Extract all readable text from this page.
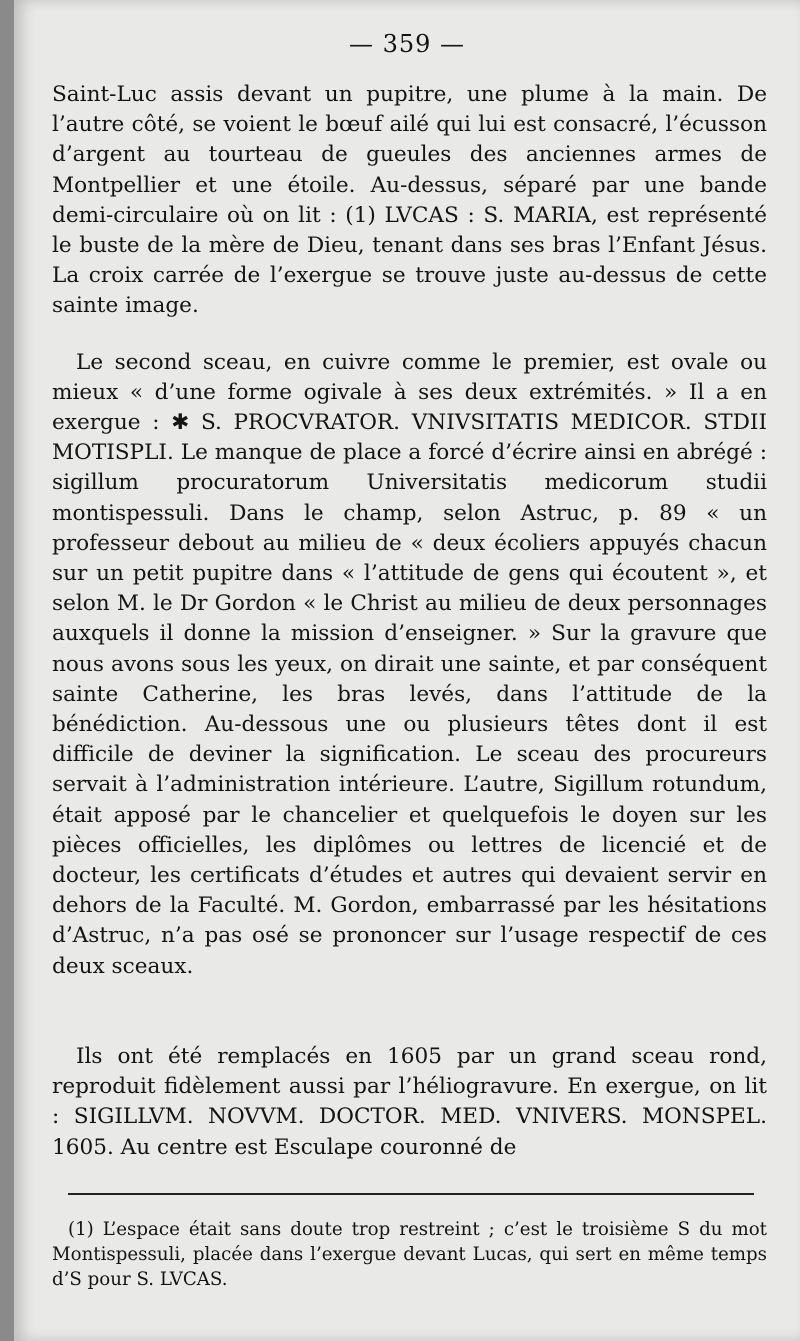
— 359 —

Saint-Luc assis devant un pupitre, une plume à la main. De l’autre côté, se voient le bœuf ailé qui lui est consacré, l’écusson d’argent au tourteau de gueules des anciennes armes de Montpellier et une étoile. Au-dessus, séparé par une bande demi-circulaire où on lit : (1) LVCAS : S. MARIA, est représenté le buste de la mère de Dieu, tenant dans ses bras l’Enfant Jésus. La croix carrée de l’exergue se trouve juste au-dessus de cette sainte image.

Le second sceau, en cuivre comme le premier, est ovale ou mieux « d’une forme ogivale à ses deux extrémités. » Il a en exergue : ✱ S. PROCVRATOR. VNIVSITATIS MEDICOR. STDII MOTISPLI. Le manque de place a forcé d’écrire ainsi en abrégé : sigillum procuratorum Universitatis medicorum studii montispessuli. Dans le champ, selon Astruc, p. 89 « un professeur debout au milieu de « deux écoliers appuyés chacun sur un petit pupitre dans « l’attitude de gens qui écoutent », et selon M. le Dr Gordon « le Christ au milieu de deux personnages auxquels il donne la mission d’enseigner. » Sur la gravure que nous avons sous les yeux, on dirait une sainte, et par conséquent sainte Catherine, les bras levés, dans l’attitude de la bénédiction. Au-dessous une ou plusieurs têtes dont il est difficile de deviner la signification. Le sceau des procureurs servait à l’administration intérieure. L’autre, Sigillum rotundum, était apposé par le chancelier et quelquefois le doyen sur les pièces officielles, les diplômes ou lettres de licencié et de docteur, les certificats d’études et autres qui devaient servir en dehors de la Faculté. M. Gordon, embarrassé par les hésitations d’Astruc, n’a pas osé se prononcer sur l’usage respectif de ces deux sceaux.

Ils ont été remplacés en 1605 par un grand sceau rond, reproduit fidèlement aussi par l’héliogravure. En exergue, on lit : SIGILLVM. NOVVM. DOCTOR. MED. VNIVERS. MONSPEL. 1605. Au centre est Esculape couronné de

(1) L’espace était sans doute trop restreint ; c’est le troisième S du mot Montispessuli, placée dans l’exergue devant Lucas, qui sert en même temps d’S pour S. LVCAS.
